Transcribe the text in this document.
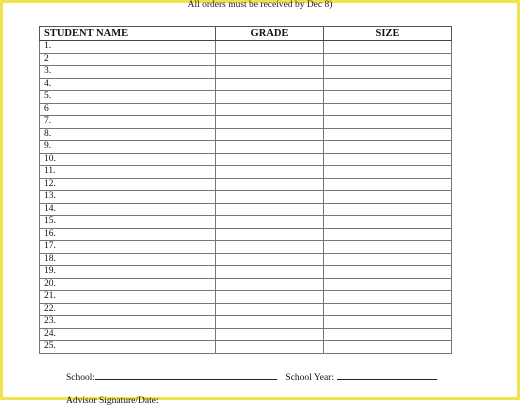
All orders must be received by Dec 8)
STUDENT NAME	GRADE	SIZE
1.		
2		
3.		
4.		
5.		
6		
7.		
8.		
9.		
10.		
11.		
12.		
13.		
14.		
15.		
16.		
17.		
18.		
19.		
20.		
21.		
22.		
23.		
24.		
25.		
School:	School Year:
Advisor Signature/Date:
